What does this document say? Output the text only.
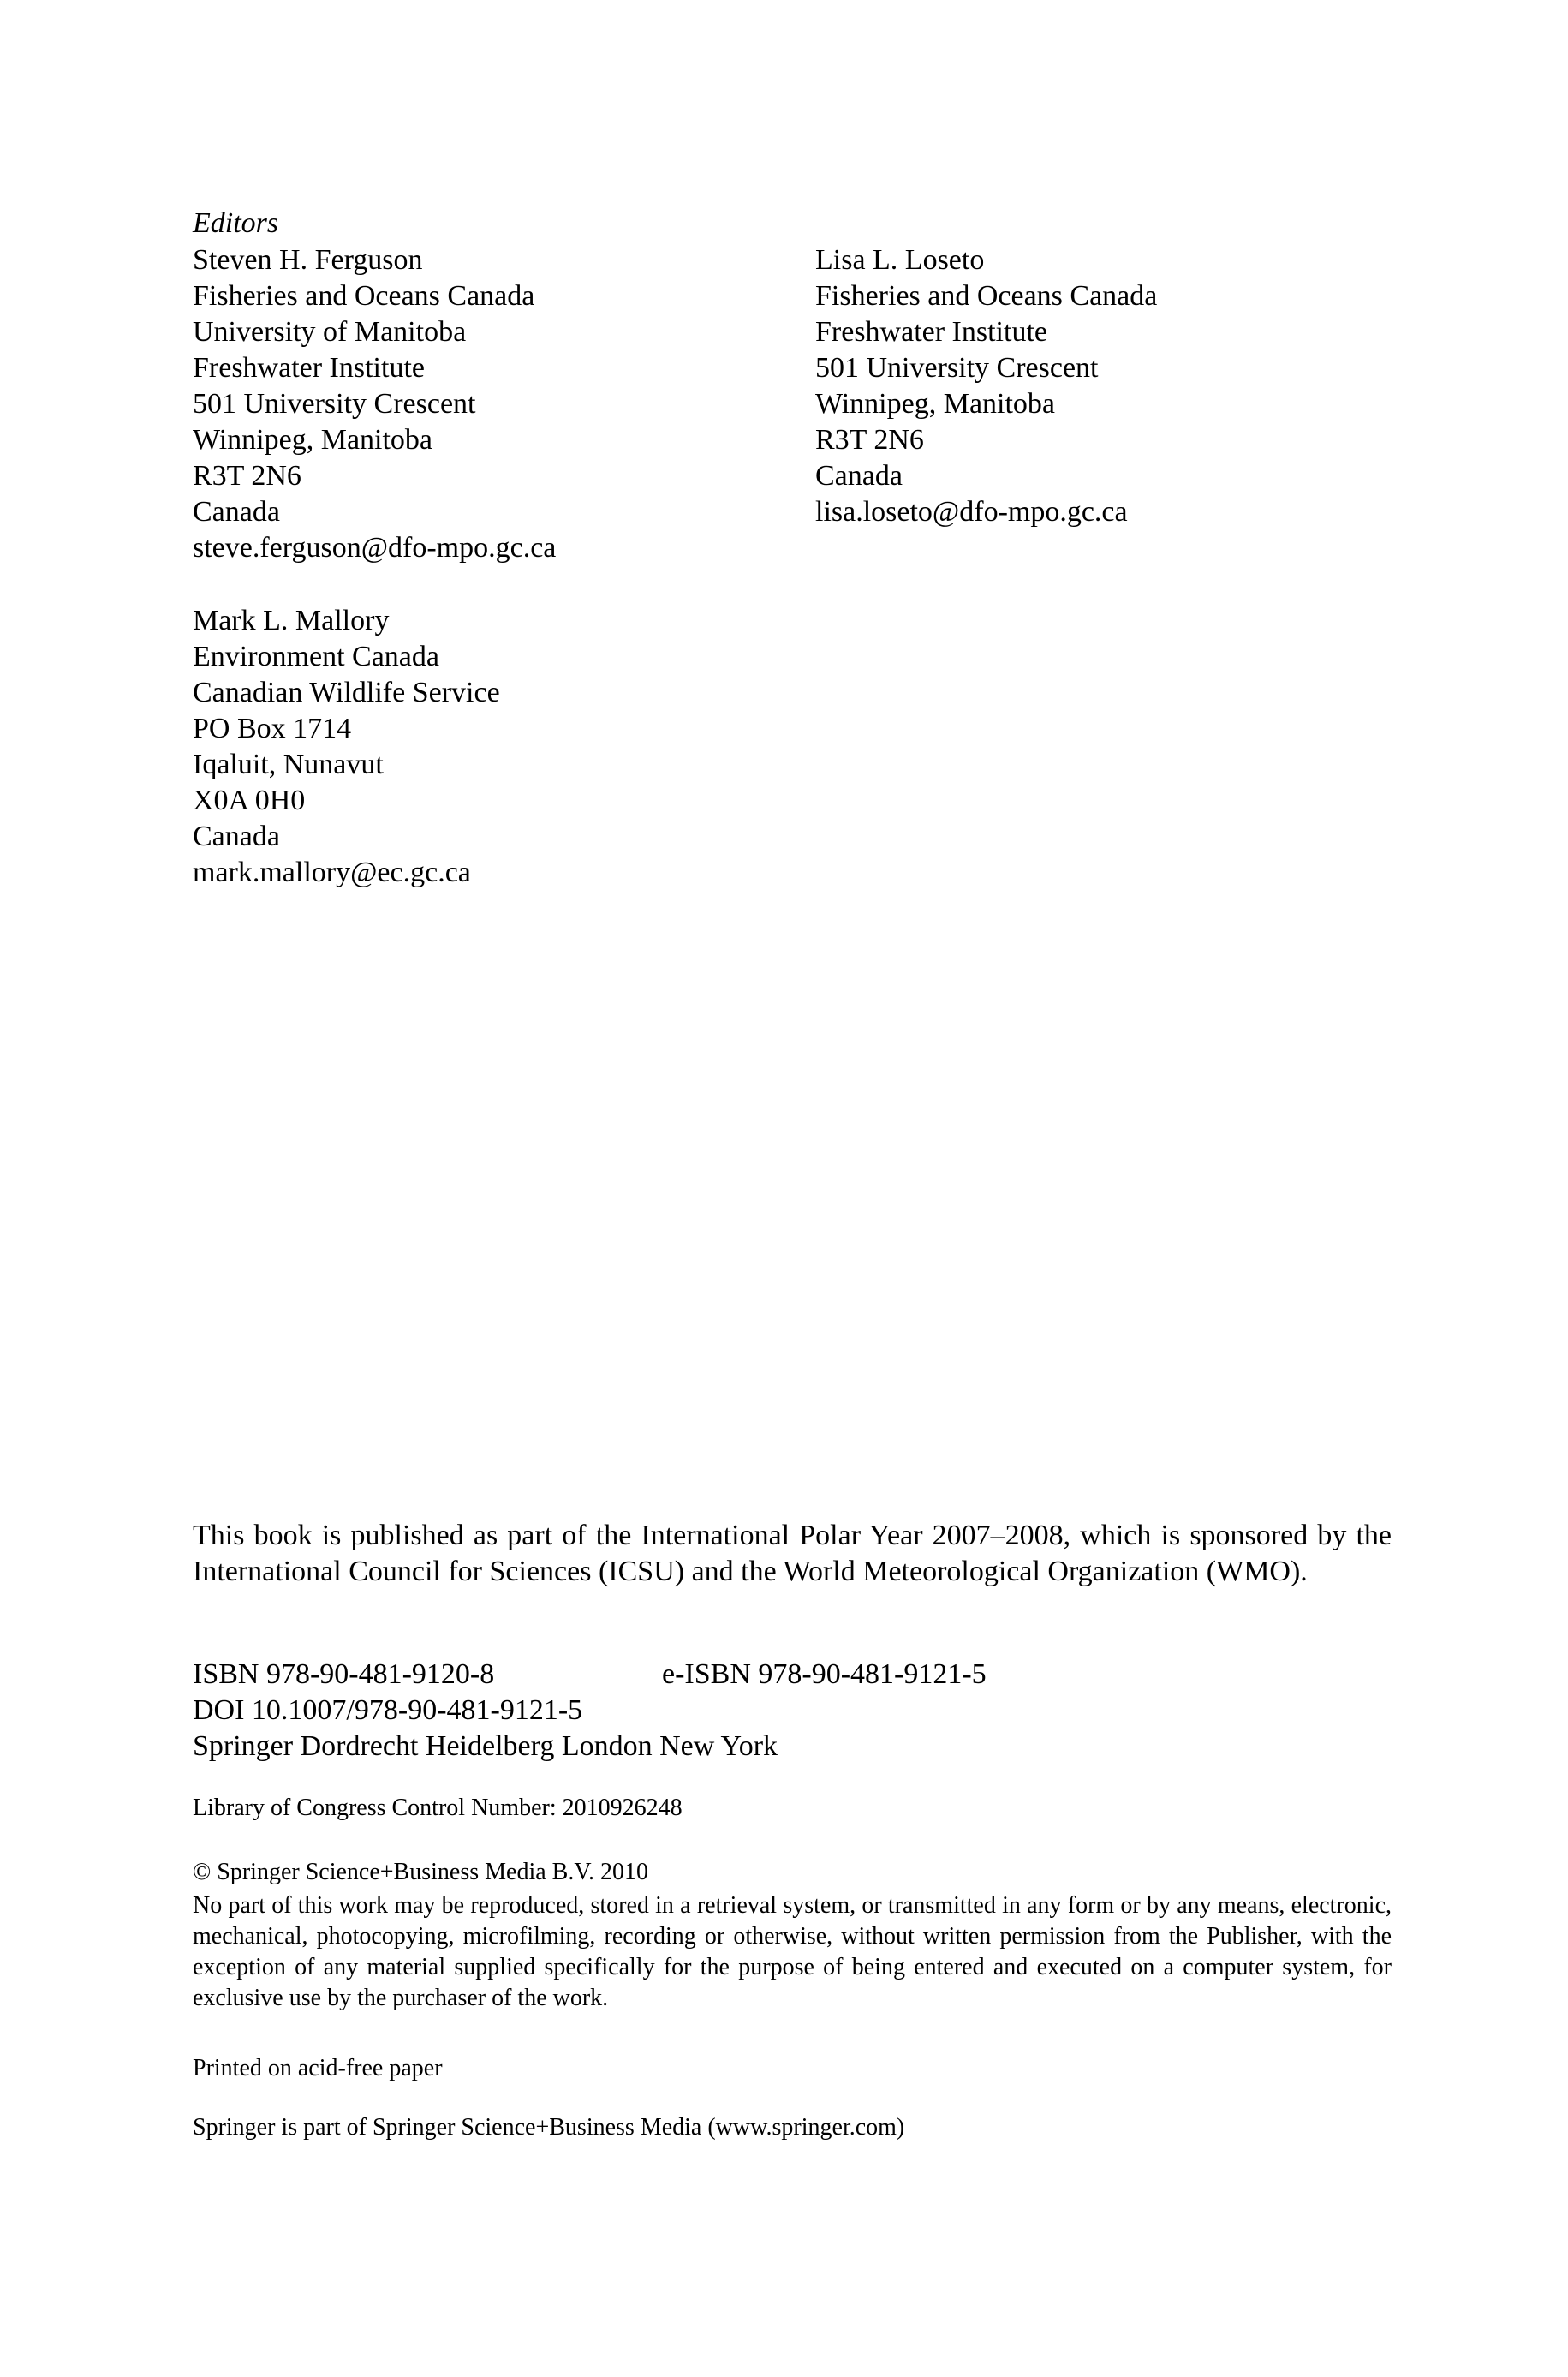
Editors
Steven H. Ferguson
Fisheries and Oceans Canada
University of Manitoba
Freshwater Institute
501 University Crescent
Winnipeg, Manitoba
R3T 2N6
Canada
steve.ferguson@dfo-mpo.gc.ca
Lisa L. Loseto
Fisheries and Oceans Canada
Freshwater Institute
501 University Crescent
Winnipeg, Manitoba
R3T 2N6
Canada
lisa.loseto@dfo-mpo.gc.ca
Mark L. Mallory
Environment Canada
Canadian Wildlife Service
PO Box 1714
Iqaluit, Nunavut
X0A 0H0
Canada
mark.mallory@ec.gc.ca
This book is published as part of the International Polar Year 2007–2008, which is sponsored by the International Council for Sciences (ICSU) and the World Meteorological Organization (WMO).
ISBN 978-90-481-9120-8	e-ISBN 978-90-481-9121-5
DOI 10.1007/978-90-481-9121-5
Springer Dordrecht Heidelberg London New York
Library of Congress Control Number: 2010926248
© Springer Science+Business Media B.V. 2010
No part of this work may be reproduced, stored in a retrieval system, or transmitted in any form or by any means, electronic, mechanical, photocopying, microfilming, recording or otherwise, without written permission from the Publisher, with the exception of any material supplied specifically for the purpose of being entered and executed on a computer system, for exclusive use by the purchaser of the work.
Printed on acid-free paper
Springer is part of Springer Science+Business Media (www.springer.com)
